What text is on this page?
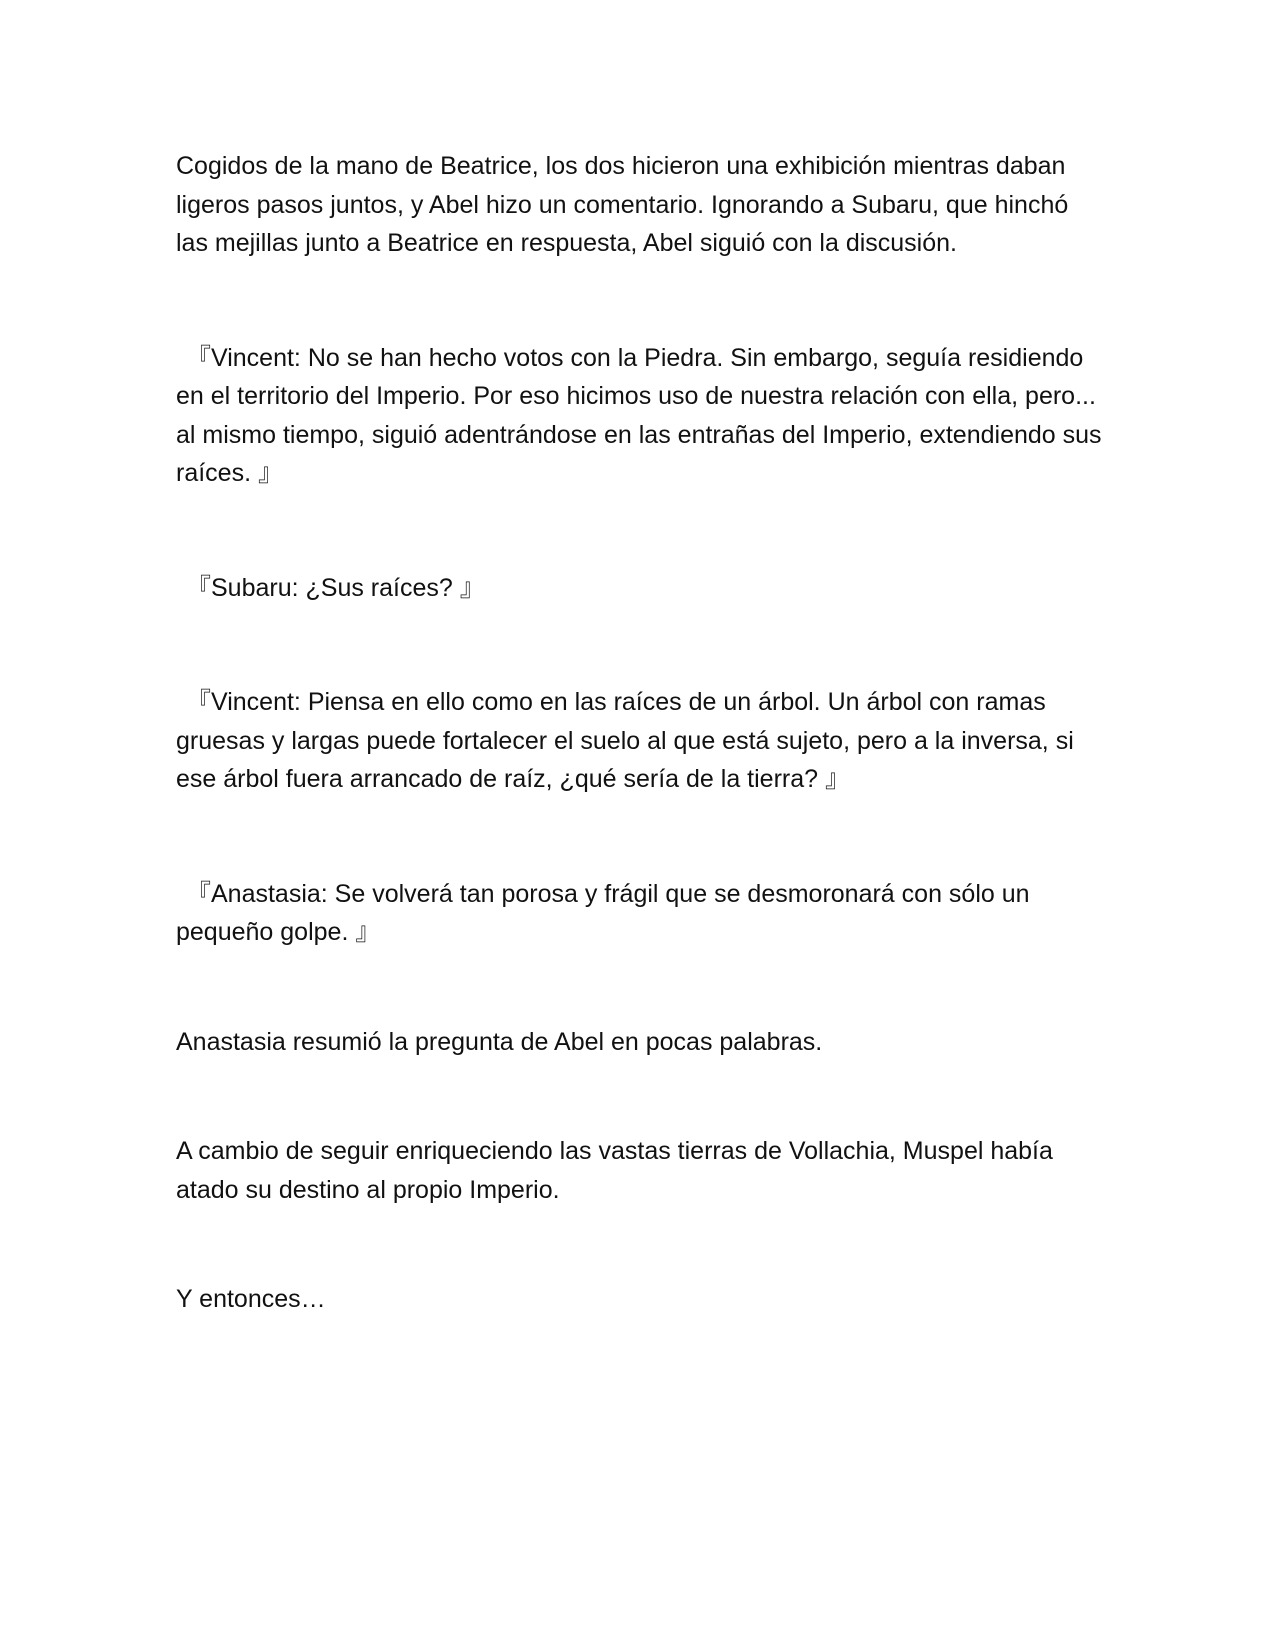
Cogidos de la mano de Beatrice, los dos hicieron una exhibición mientras daban ligeros pasos juntos, y Abel hizo un comentario. Ignorando a Subaru, que hinchó las mejillas junto a Beatrice en respuesta, Abel siguió con la discusión.

『Vincent: No se han hecho votos con la Piedra. Sin embargo, seguía residiendo en el territorio del Imperio. Por eso hicimos uso de nuestra relación con ella, pero... al mismo tiempo, siguió adentrándose en las entrañas del Imperio, extendiendo sus raíces. 』

『Subaru: ¿Sus raíces? 』

『Vincent: Piensa en ello como en las raíces de un árbol. Un árbol con ramas gruesas y largas puede fortalecer el suelo al que está sujeto, pero a la inversa, si ese árbol fuera arrancado de raíz, ¿qué sería de la tierra? 』

『Anastasia: Se volverá tan porosa y frágil que se desmoronará con sólo un pequeño golpe. 』

Anastasia resumió la pregunta de Abel en pocas palabras.

A cambio de seguir enriqueciendo las vastas tierras de Vollachia, Muspel había atado su destino al propio Imperio.

Y entonces…
